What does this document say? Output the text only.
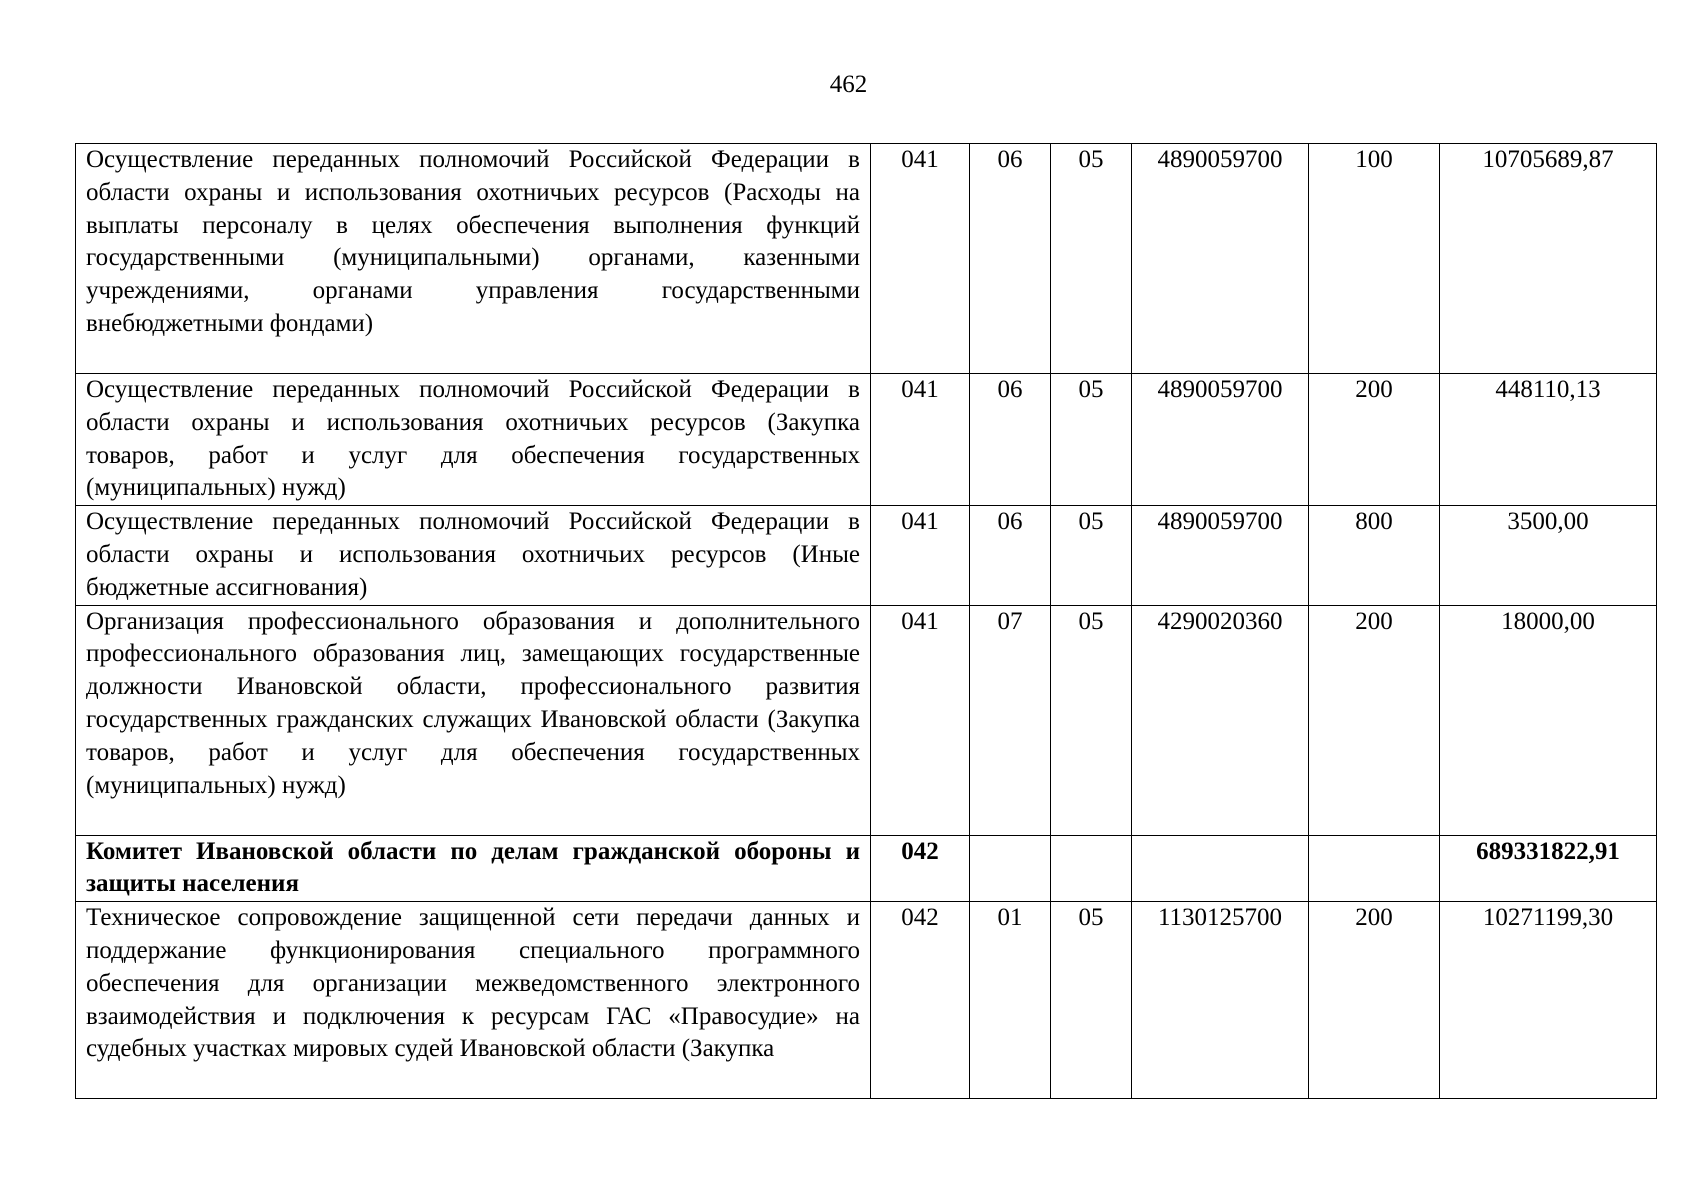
462
Осуществление переданных полномочий Российской Федерации в области охраны и использования охотничьих ресурсов (Расходы на выплаты персоналу в целях обеспечения выполнения функций государственными (муниципальными) органами, казенными учреждениями, органами управления государственными внебюджетными фондами)	041	06	05	4890059700	100	10705689,87
Осуществление переданных полномочий Российской Федерации в области охраны и использования охотничьих ресурсов (Закупка товаров, работ и услуг для обеспечения государственных (муниципальных) нужд)	041	06	05	4890059700	200	448110,13
Осуществление переданных полномочий Российской Федерации в области охраны и использования охотничьих ресурсов (Иные бюджетные ассигнования)	041	06	05	4890059700	800	3500,00
Организация профессионального образования и дополнительного профессионального образования лиц, замещающих государственные должности Ивановской области, профессионального развития государственных гражданских служащих Ивановской области (Закупка товаров, работ и услуг для обеспечения государственных (муниципальных) нужд)	041	07	05	4290020360	200	18000,00
Комитет Ивановской области по делам гражданской обороны и защиты населения	042					689331822,91
Техническое сопровождение защищенной сети передачи данных и поддержание функционирования специального программного обеспечения для организации межведомственного электронного взаимодействия и подключения к ресурсам ГАС «Правосудие» на судебных участках мировых судей Ивановской области (Закупка	042	01	05	1130125700	200	10271199,30
